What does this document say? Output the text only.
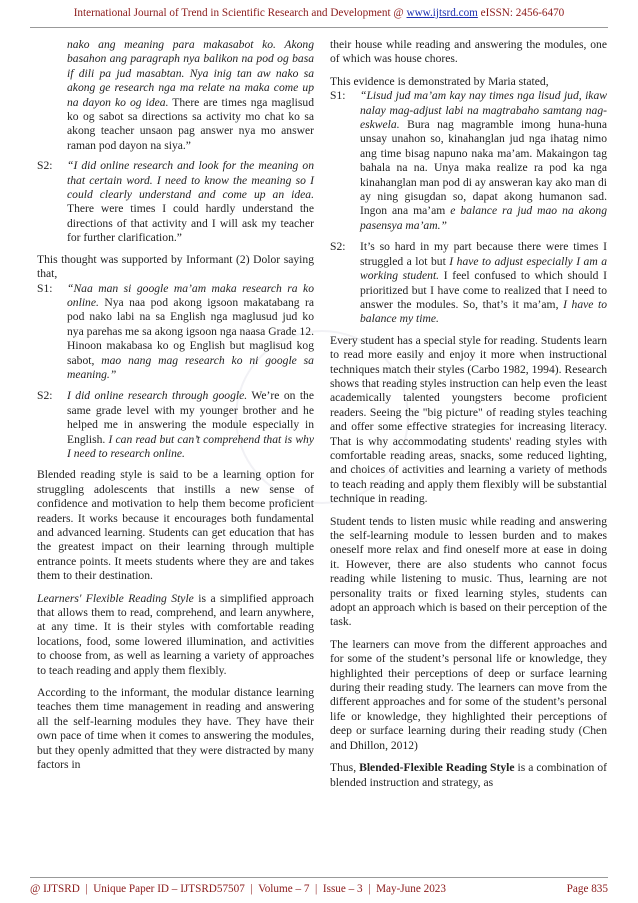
International Journal of Trend in Scientific Research and Development @ www.ijtsrd.com eISSN: 2456-6470
nako ang meaning para makasabot ko. Akong basahon ang paragraph nya balikon na pod og basa if dili pa jud masabtan. Nya inig tan aw nako sa akong ge research nga ma relate na maka come up na dayon ko og idea. There are times nga maglisud ko og sabot sa directions sa activity mo chat ko sa akong teacher unsaon pag answer nya mo answer raman pod dayon na siya.”
S2:	“I did online research and look for the meaning on that certain word. I need to know the meaning so I could clearly understand and come up an idea. There were times I could hardly understand the directions of that activity and I will ask my teacher for further clarification.”

This thought was supported by Informant (2) Dolor saying that,

S1:	“Naa man si google ma’am maka research ra ko online. Nya naa pod akong igsoon makatabang ra pod nako labi na sa English nga maglusud jud ko nya parehas me sa akong igsoon nga naasa Grade 12. Hinoon makabasa ko og English but maglisud kog sabot, mao nang mag research ko ni google sa meaning.”
S2:	I did online research through google. We’re on the same grade level with my younger brother and he helped me in answering the module especially in English. I can read but can’t comprehend that is why I need to research online.

Blended reading style is said to be a learning option for struggling adolescents that instills a new sense of confidence and motivation to help them become proficient readers. It works because it encourages both fundamental and advanced learning. Students can get education that has the greatest impact on their learning through multiple entrance points. It meets students where they are and takes them to their destination.

Learners' Flexible Reading Style is a simplified approach that allows them to read, comprehend, and learn anywhere, at any time. It is their styles with comfortable reading locations, food, some lowered illumination, and activities to choose from, as well as learning a variety of approaches to teach reading and apply them flexibly.

According to the informant, the modular distance learning teaches them time management in reading and answering all the self-learning modules they have. They have their own pace of time when it comes to answering the modules, but they openly admitted that they were distracted by many factors in

their house while reading and answering the modules, one of which was house chores.

This evidence is demonstrated by Maria stated,

S1:	“Lisud jud ma’am kay nay times nga lisud jud, ikaw nalay mag-adjust labi na magtrabaho samtang nag-eskwela. Bura nag magramble imong huna-huna unsay unahon so, kinahanglan jud nga ihatag nimo ang time bisag napuno naka ma’am. Makaingon tag bahala na na. Unya maka realize ra pod ka nga kinahanglan man pod di ay answeran kay ako man di ay ning gisugdan so, dapat akong humanon sad. Ingon ana ma’am e balance ra jud mao na akong pasensya ma’am.”
S2:	It’s so hard in my part because there were times I struggled a lot but I have to adjust especially I am a working student. I feel confused to which should I prioritized but I have come to realized that I need to answer the modules. So, that’s it ma’am, I have to balance my time.

Every student has a special style for reading. Students learn to read more easily and enjoy it more when instructional techniques match their styles (Carbo 1982, 1994). Research shows that reading styles instruction can help even the least academically talented youngsters become proficient readers. Seeing the "big picture" of reading styles teaching and offer some effective strategies for increasing literacy. That is why accommodating students' reading styles with comfortable reading areas, snacks, some reduced lighting, and choices of activities and learning a variety of methods to teach reading and apply them flexibly will be substantial technique in reading.

Student tends to listen music while reading and answering the self-learning module to lessen burden and to makes oneself more relax and find oneself more at ease in doing it. However, there are also students who cannot focus reading while listening to music. Thus, learning are not personality traits or fixed learning styles, students can adopt an approach which is based on their perception of the task.

The learners can move from the different approaches and for some of the student’s personal life or knowledge, they highlighted their perceptions of deep or surface learning during their reading study. The learners can move from the different approaches and for some of the student’s personal life or knowledge, they highlighted their perceptions of deep or surface learning during their reading study (Chen and Dhillon, 2012)

Thus, Blended-Flexible Reading Style is a combination of blended instruction and strategy, as

@ IJTSRD  |  Unique Paper ID – IJTSRD57507  |  Volume – 7  |  Issue – 3  |  May-June 2023	Page 835
